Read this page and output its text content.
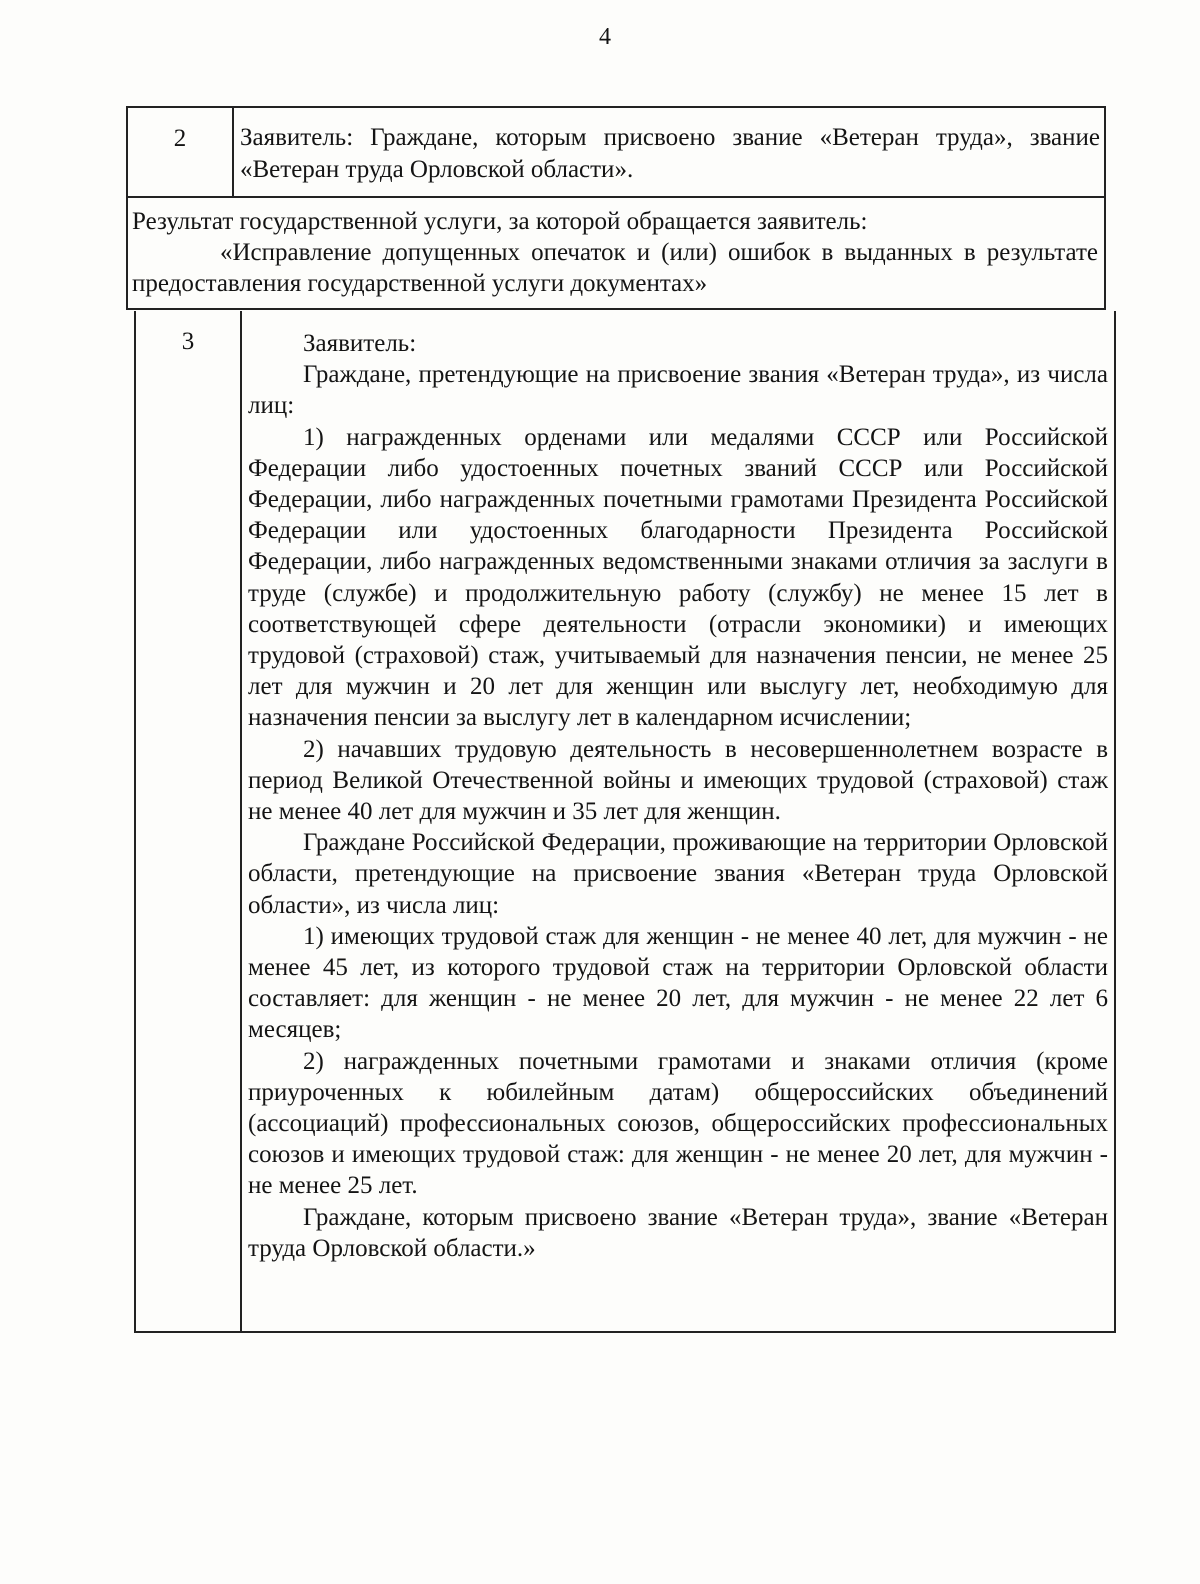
4
2	Заявитель: Граждане, которым присвоено звание «Ветеран труда», звание «Ветеран труда Орловской области».

Результат государственной услуги, за которой обращается заявитель:

«Исправление допущенных опечаток и (или) ошибок в выданных в результате предоставления государственной услуги документах»

3	Заявитель:

Граждане, претендующие на присвоение звания «Ветеран труда», из числа лиц:

1) награжденных орденами или медалями СССР или Российской Федерации либо удостоенных почетных званий СССР или Российской Федерации, либо награжденных почетными грамотами Президента Российской Федерации или удостоенных благодарности Президента Российской Федерации, либо награжденных ведомственными знаками отличия за заслуги в труде (службе) и продолжительную работу (службу) не менее 15 лет в соответствующей сфере деятельности (отрасли экономики) и имеющих трудовой (страховой) стаж, учитываемый для назначения пенсии, не менее 25 лет для мужчин и 20 лет для женщин или выслугу лет, необходимую для назначения пенсии за выслугу лет в календарном исчислении;

2) начавших трудовую деятельность в несовершеннолетнем возрасте в период Великой Отечественной войны и имеющих трудовой (страховой) стаж не менее 40 лет для мужчин и 35 лет для женщин.

Граждане Российской Федерации, проживающие на территории Орловской области, претендующие на присвоение звания «Ветеран труда Орловской области», из числа лиц:

1) имеющих трудовой стаж для женщин - не менее 40 лет, для мужчин - не менее 45 лет, из которого трудовой стаж на территории Орловской области составляет: для женщин - не менее 20 лет, для мужчин - не менее 22 лет 6 месяцев;

2) награжденных почетными грамотами и знаками отличия (кроме приуроченных к юбилейным датам) общероссийских объединений (ассоциаций) профессиональных союзов, общероссийских профессиональных союзов и имеющих трудовой стаж: для женщин - не менее 20 лет, для мужчин - не менее 25 лет.

Граждане, которым присвоено звание «Ветеран труда», звание «Ветеран труда Орловской области.»
